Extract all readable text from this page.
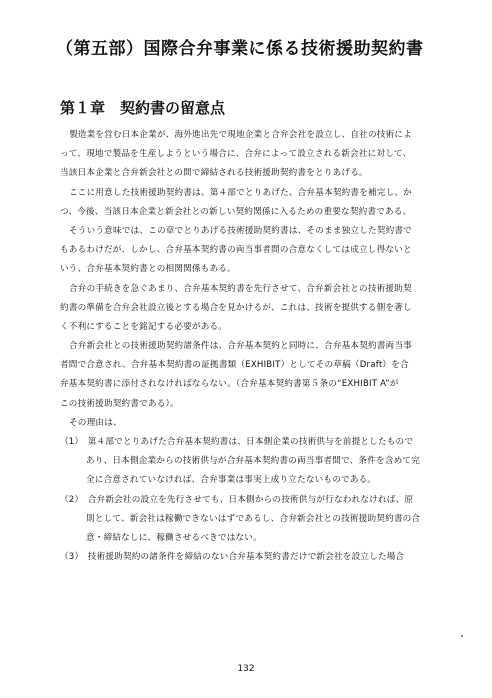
（第五部）国際合弁事業に係る技術援助契約書
第１章　契約書の留意点
製造業を営む日本企業が、海外進出先で現地企業と合弁会社を設立し、自社の技術によ
って、現地で製品を生産しようという場合に、合弁によって設立される新会社に対して、
当該日本企業と合弁新会社との間で締結される技術援助契約書をとりあげる。
ここに用意した技術援助契約書は、第４部でとりあげた、合弁基本契約書を補完し、か
つ、今後、当該日本企業と新会社との新しい契約関係に入るための重要な契約書である。
そういう意味では、この章でとりあげる技術援助契約書は、そのまま独立した契約書で
もあるわけだが、しかし、合弁基本契約書の両当事者間の合意なくしては成立し得ないと
いう、合弁基本契約書との相関関係もある。
合弁の手続きを急ぐあまり、合弁基本契約書を先行させて、合弁新会社との技術援助契
約書の準備を合弁会社設立後とする場合を見かけるが、これは、技術を提供する側を著し
く不利にすることを銘記する必要がある。
合弁新会社との技術援助契約諸条件は、合弁基本契約と同時に、合弁基本契約書両当事
者間で合意され、合弁基本契約書の証拠書類（EXHIBIT）としてその草稿（Draft）を合
弁基本契約書に添付されなければならない。（合弁基本契約書第５条の“EXHIBIT A”が
この技術援助契約書である）。
その理由は、
（1）　第４部でとりあげた合弁基本契約書は、日本側企業の技術供与を前提としたもので
あり、日本側企業からの技術供与が合弁基本契約書の両当事者間で、条件を含めて完
全に合意されていなければ、合弁事業は事実上成り立たないものである。
（2）　合弁新会社の設立を先行させても、日本側からの技術供与が行なわれなければ、原
則として、新会社は稼働できないはずであるし、合弁新会社との技術援助契約書の合
意・締結なしに、稼働させるべきではない。
（3）　技術援助契約の諸条件を締結のない合弁基本契約書だけで新会社を設立した場合
132
